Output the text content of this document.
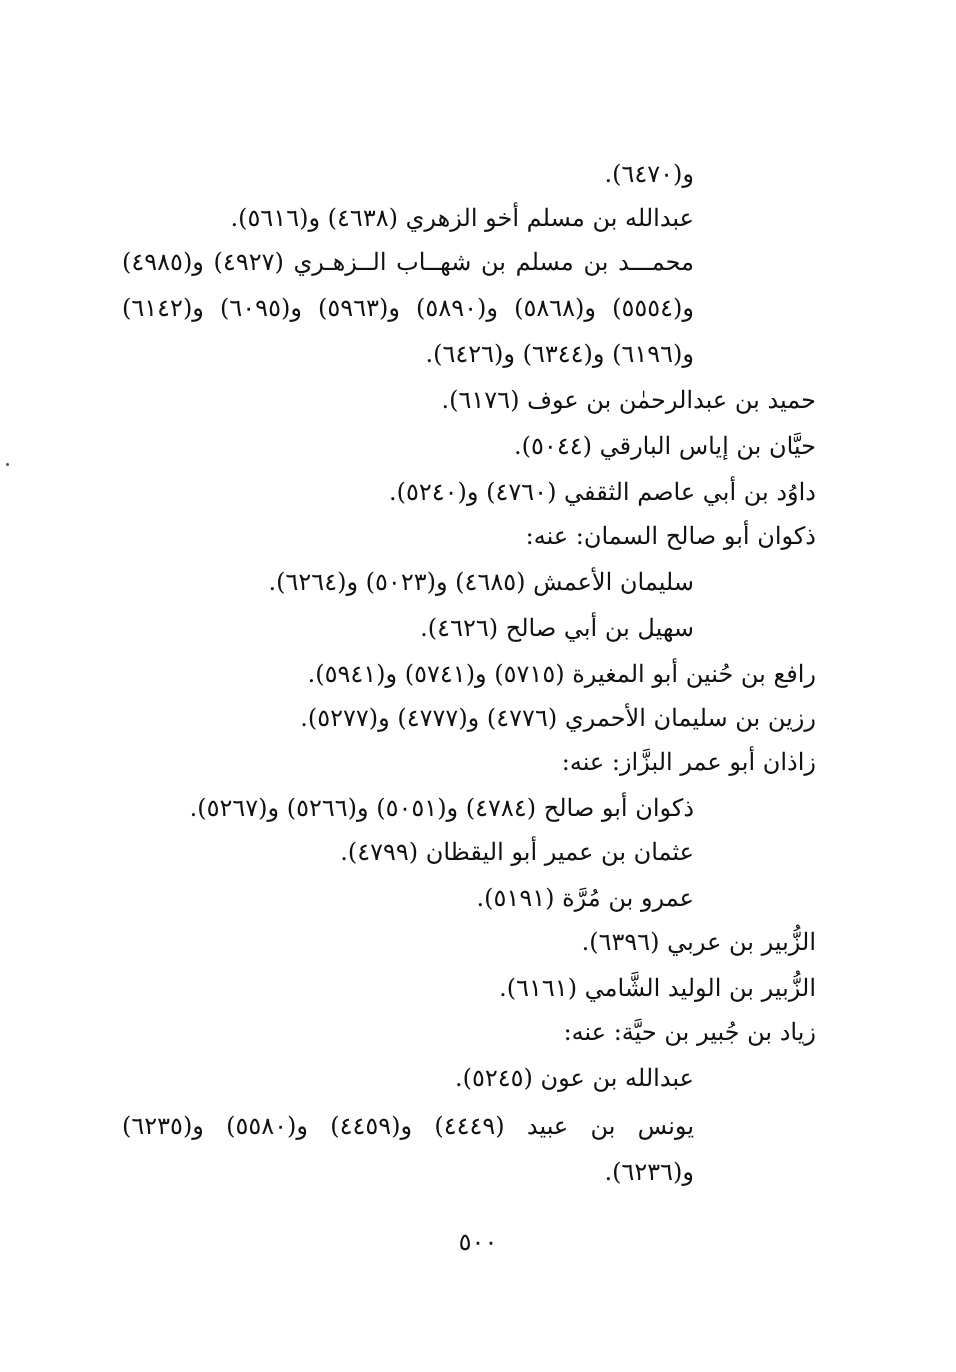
و(٦٤٧٠).
عبدالله بن مسلم أخو الزهري (٤٦٣٨) و(٥٦١٦).
محمـــد بن مسلم بن شهــاب الــزهـري (٤٩٢٧) و(٤٩٨٥)
و(٥٥٥٤) و(٥٨٦٨) و(٥٨٩٠) و(٥٩٦٣) و(٦٠٩٥) و(٦١٤٢)
و(٦١٩٦) و(٦٣٤٤) و(٦٤٢٦).
حميد بن عبدالرحمٰن بن عوف (٦١٧٦).
حيَّان بن إياس البارقي (٥٠٤٤).
داوُد بن أبي عاصم الثقفي (٤٧٦٠) و(٥٢٤٠).
ذكوان أبو صالح السمان: عنه:
سليمان الأعمش (٤٦٨٥) و(٥٠٢٣) و(٦٢٦٤).
سهيل بن أبي صالح (٤٦٢٦).
رافع بن حُنين أبو المغيرة (٥٧١٥) و(٥٧٤١) و(٥٩٤١).
رزين بن سليمان الأحمري (٤٧٧٦) و(٤٧٧٧) و(٥٢٧٧).
زاذان أبو عمر البزَّاز: عنه:
ذكوان أبو صالح (٤٧٨٤) و(٥٠٥١) و(٥٢٦٦) و(٥٢٦٧).
عثمان بن عمير أبو اليقظان (٤٧٩٩).
عمرو بن مُرَّة (٥١٩١).
الزُّبير بن عربي (٦٣٩٦).
الزُّبير بن الوليد الشَّامي (٦١٦١).
زياد بن جُبير بن حيَّة: عنه:
عبدالله بن عون (٥٢٤٥).
يونس بن عبيد (٤٤٤٩) و(٤٤٥٩) و(٥٥٨٠) و(٦٢٣٥)
و(٦٢٣٦).
٥٠٠
